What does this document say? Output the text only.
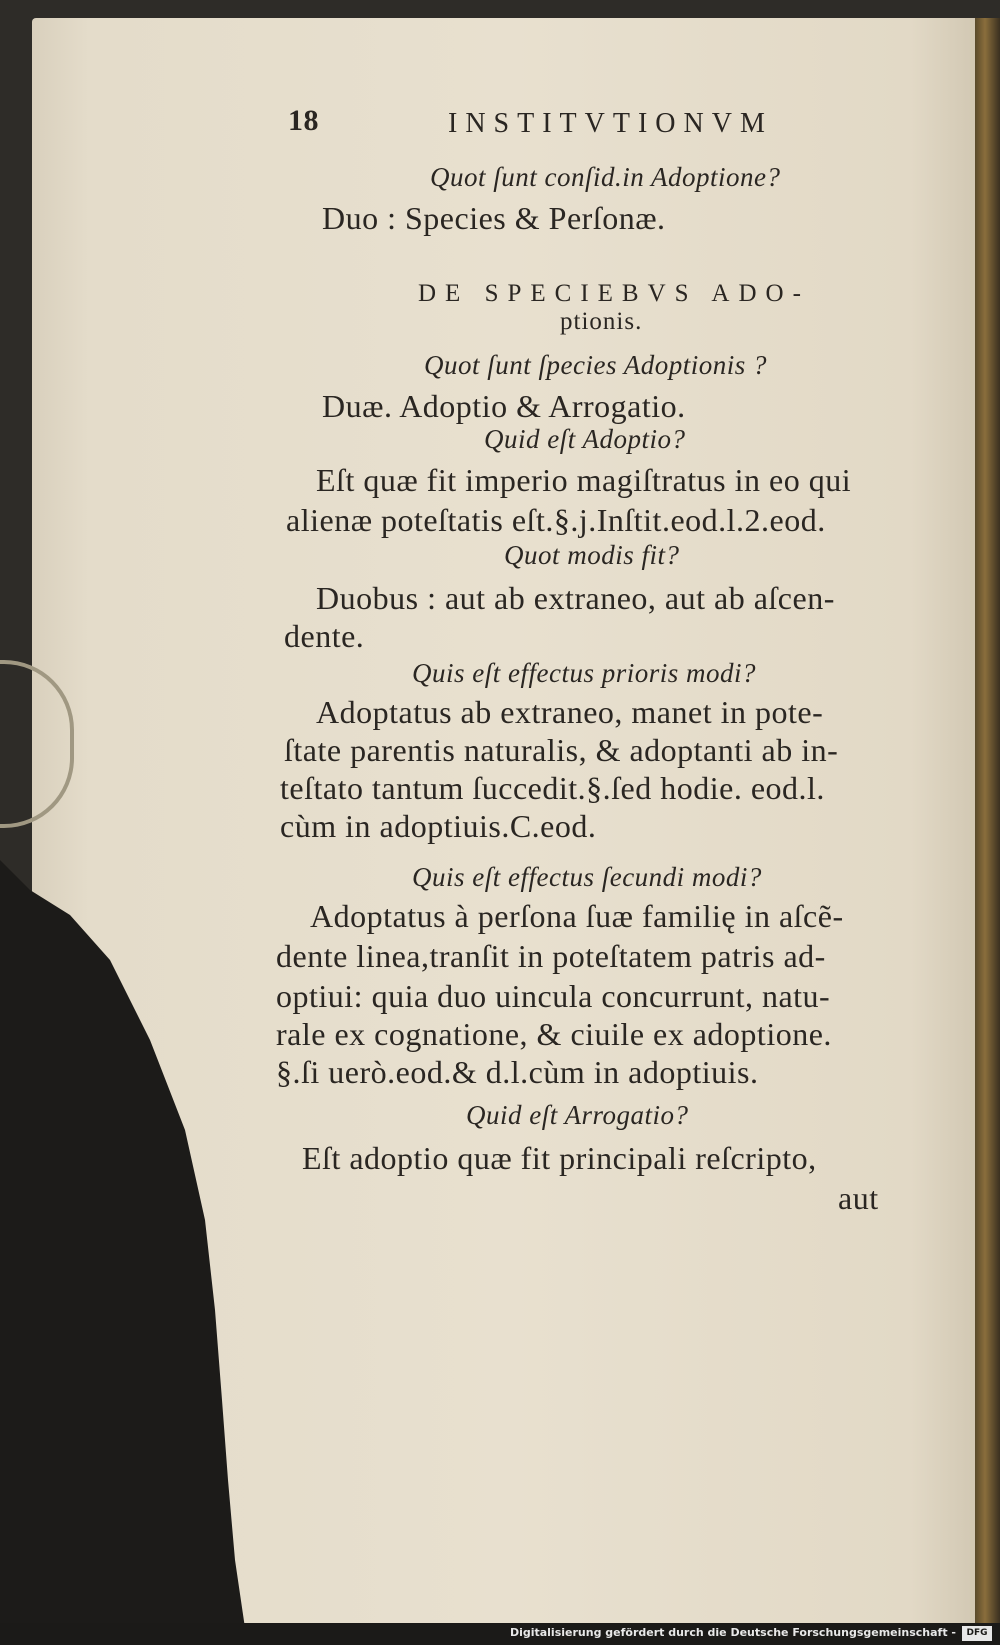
18	INSTITVTIONVM
Quot ſunt conſid.in Adoptione?
Duo : Species & Perſonæ.
DE SPECIEBVS ADO-
ptionis.
Quot ſunt ſpecies Adoptionis ?
Duæ. Adoptio & Arrogatio.
Quid eſt Adoptio?
Eſt quæ fit imperio magiſtratus in eo qui
alienæ poteſtatis eſt.§.j.Inſtit.eod.l.2.eod.
Quot modis fit?
Duobus : aut ab extraneo, aut ab aſcen-
dente.
Quis eſt effectus prioris modi?
Adoptatus ab extraneo, manet in pote-
ſtate parentis naturalis, & adoptanti ab in-
teſtato tantum ſuccedit.§.ſed hodie. eod.l.
cùm in adoptiuis.C.eod.
Quis eſt effectus ſecundi modi?
Adoptatus à perſona ſuæ familię in aſcẽ-
dente linea,tranſit in poteſtatem patris ad-
optiui: quia duo uincula concurrunt, natu-
rale ex cognatione, & ciuile ex adoptione.
§.ſi uerò.eod.& d.l.cùm in adoptiuis.
Quid eſt Arrogatio?
Eſt adoptio quæ fit principali reſcripto,
aut
Digitalisierung gefördert durch die Deutsche Forschungsgemeinschaft -	DFG
